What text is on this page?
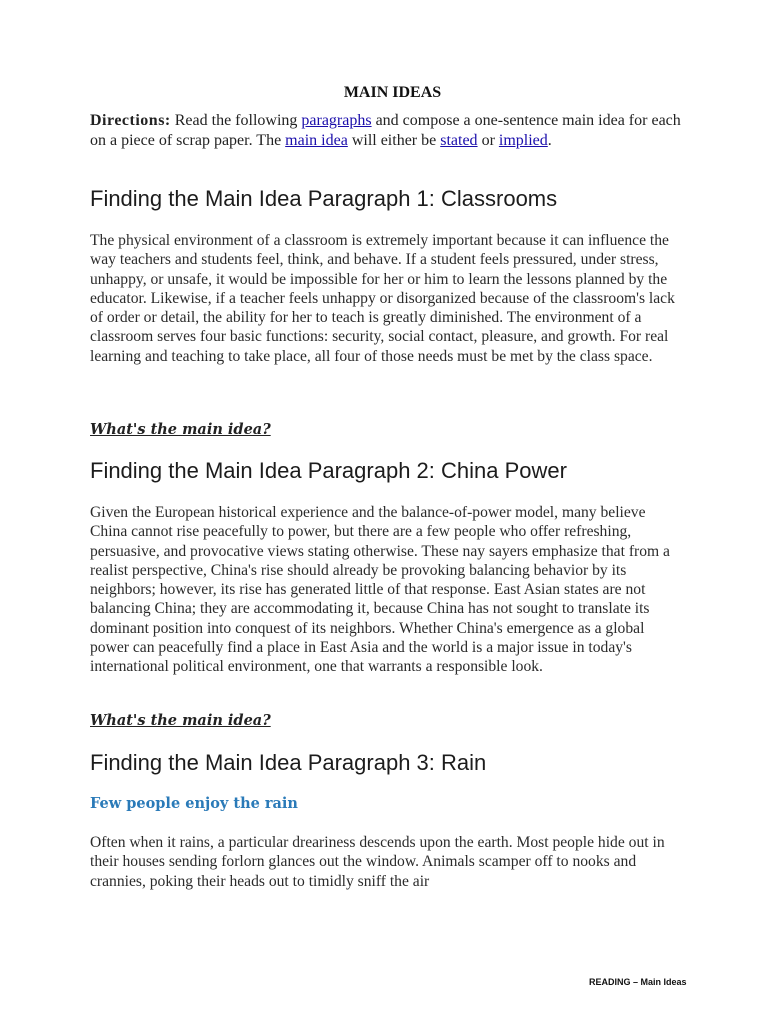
MAIN IDEAS

Directions: Read the following paragraphs and compose a one-sentence main idea for each on a piece of scrap paper. The main idea will either be stated or implied.

Finding the Main Idea Paragraph 1: Classrooms

The physical environment of a classroom is extremely important because it can influence the way teachers and students feel, think, and behave. If a student feels pressured, under stress, unhappy, or unsafe, it would be impossible for her or him to learn the lessons planned by the educator. Likewise, if a teacher feels unhappy or disorganized because of the classroom's lack of order or detail, the ability for her to teach is greatly diminished. The environment of a classroom serves four basic functions: security, social contact, pleasure, and growth. For real learning and teaching to take place, all four of those needs must be met by the class space.

What's the main idea?

Finding the Main Idea Paragraph 2: China Power

Given the European historical experience and the balance-of-power model, many believe China cannot rise peacefully to power, but there are a few people who offer refreshing, persuasive, and provocative views stating otherwise. These nay sayers emphasize that from a realist perspective, China's rise should already be provoking balancing behavior by its neighbors; however, its rise has generated little of that response. East Asian states are not balancing China; they are accommodating it, because China has not sought to translate its dominant position into conquest of its neighbors. Whether China's emergence as a global power can peacefully find a place in East Asia and the world is a major issue in today's international political environment, one that warrants a responsible look.

What's the main idea?

Finding the Main Idea Paragraph 3: Rain

Few people enjoy the rain

Often when it rains, a particular dreariness descends upon the earth. Most people hide out in their houses sending forlorn glances out the window. Animals scamper off to nooks and crannies, poking their heads out to timidly sniff the air

READING – Main Ideas
